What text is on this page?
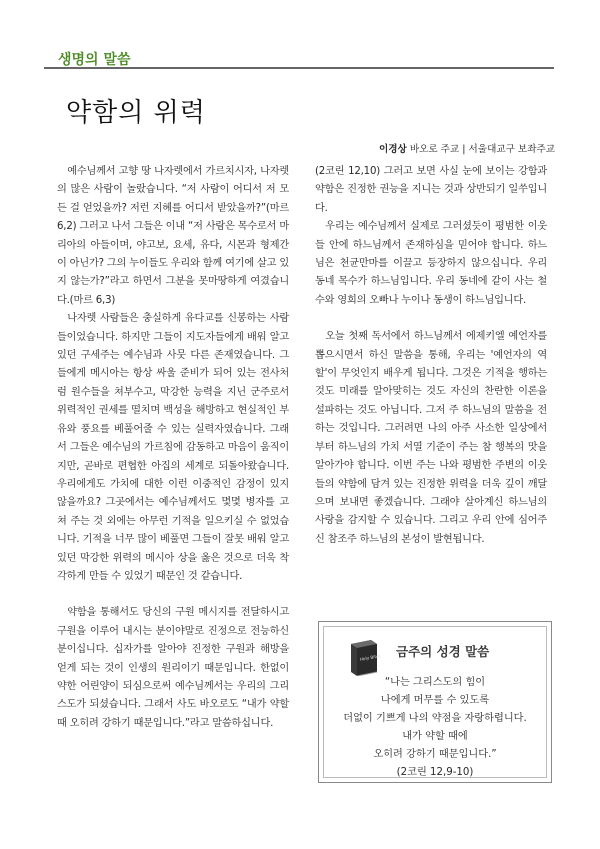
생명의 말씀
약함의 위력
이경상 바오로 주교 | 서울대교구 보좌주교

예수님께서 고향 땅 나자렛에서 가르치시자, 나자렛의 많은 사람이 놀랐습니다. “저 사람이 어디서 저 모든 걸 얻었을까? 저런 지혜를 어디서 받았을까?”(마르 6,2) 그러고 나서 그들은 이내 “저 사람은 목수로서 마리아의 아들이며, 야고보, 요세, 유다, 시몬과 형제간이 아닌가? 그의 누이들도 우리와 함께 여기에 살고 있지 않는가?”라고 하면서 그분을 못마땅하게 여겼습니다.(마르 6,3)

나자렛 사람들은 충실하게 유다교를 신봉하는 사람들이었습니다. 하지만 그들이 지도자들에게 배워 알고 있던 구세주는 예수님과 사뭇 다른 존재였습니다. 그들에게 메시아는 항상 싸울 준비가 되어 있는 전사처럼 원수들을 쳐부수고, 막강한 능력을 지닌 군주로서 위력적인 권세를 떨치며 백성을 해방하고 현실적인 부유와 풍요를 베풀어줄 수 있는 실력자였습니다. 그래서 그들은 예수님의 가르침에 감동하고 마음이 움직이지만, 곧바로 편협한 아집의 세계로 되돌아왔습니다. 우리에게도 가치에 대한 이런 이중적인 감정이 있지 않을까요? 그곳에서는 예수님께서도 몇몇 병자를 고쳐 주는 것 외에는 아무런 기적을 일으키실 수 없었습니다. 기적을 너무 많이 베풀면 그들이 잘못 배워 알고 있던 막강한 위력의 메시아 상을 옳은 것으로 더욱 착각하게 만들 수 있었기 때문인 것 같습니다.

약함을 통해서도 당신의 구원 메시지를 전달하시고 구원을 이루어 내시는 분이야말로 진정으로 전능하신 분이십니다. 십자가를 알아야 진정한 구원과 해방을 얻게 되는 것이 인생의 원리이기 때문입니다. 한없이 약한 어린양이 되심으로써 예수님께서는 우리의 그리스도가 되셨습니다. 그래서 사도 바오로도 “내가 약할 때 오히려 강하기 때문입니다.”라고 말씀하십니다.

(2코린 12,10) 그러고 보면 사실 눈에 보이는 강함과 약함은 진정한 권능을 지니는 것과 상반되기 일쑤입니다.

우리는 예수님께서 실제로 그러셨듯이 평범한 이웃들 안에 하느님께서 존재하심을 믿어야 합니다. 하느님은 천균만마를 이끌고 등장하지 않으십니다. 우리 동네 목수가 하느님입니다. 우리 동네에 같이 사는 철수와 영희의 오빠나 누이나 동생이 하느님입니다.

오늘 첫째 독서에서 하느님께서 에제키엘 예언자를 뽑으시면서 하신 말씀을 통해, 우리는 '예언자의 역할'이 무엇인지 배우게 됩니다. 그것은 기적을 행하는 것도 미래를 알아맞히는 것도 자신의 찬란한 이론을 설파하는 것도 아닙니다. 그저 주 하느님의 말씀을 전하는 것입니다. 그러려면 나의 아주 사소한 일상에서부터 하느님의 가치 서열 기준이 주는 참 행복의 맛을 알아가야 합니다. 이번 주는 나와 평범한 주변의 이웃들의 약함에 담겨 있는 진정한 위력을 더욱 깊이 깨달으며 보내면 좋겠습니다. 그래야 살아계신 하느님의 사랑을 감지할 수 있습니다. 그리고 우리 안에 심어주신 참조주 하느님의 본성이 발현됩니다.

Holy Bible 금주의 성경 말씀
“나는 그리스도의 힘이
나에게 머무를 수 있도록
더없이 기쁘게 나의 약점을 자랑하렵니다.
내가 약할 때에
오히려 강하기 때문입니다.”
(2코린 12,9-10)
